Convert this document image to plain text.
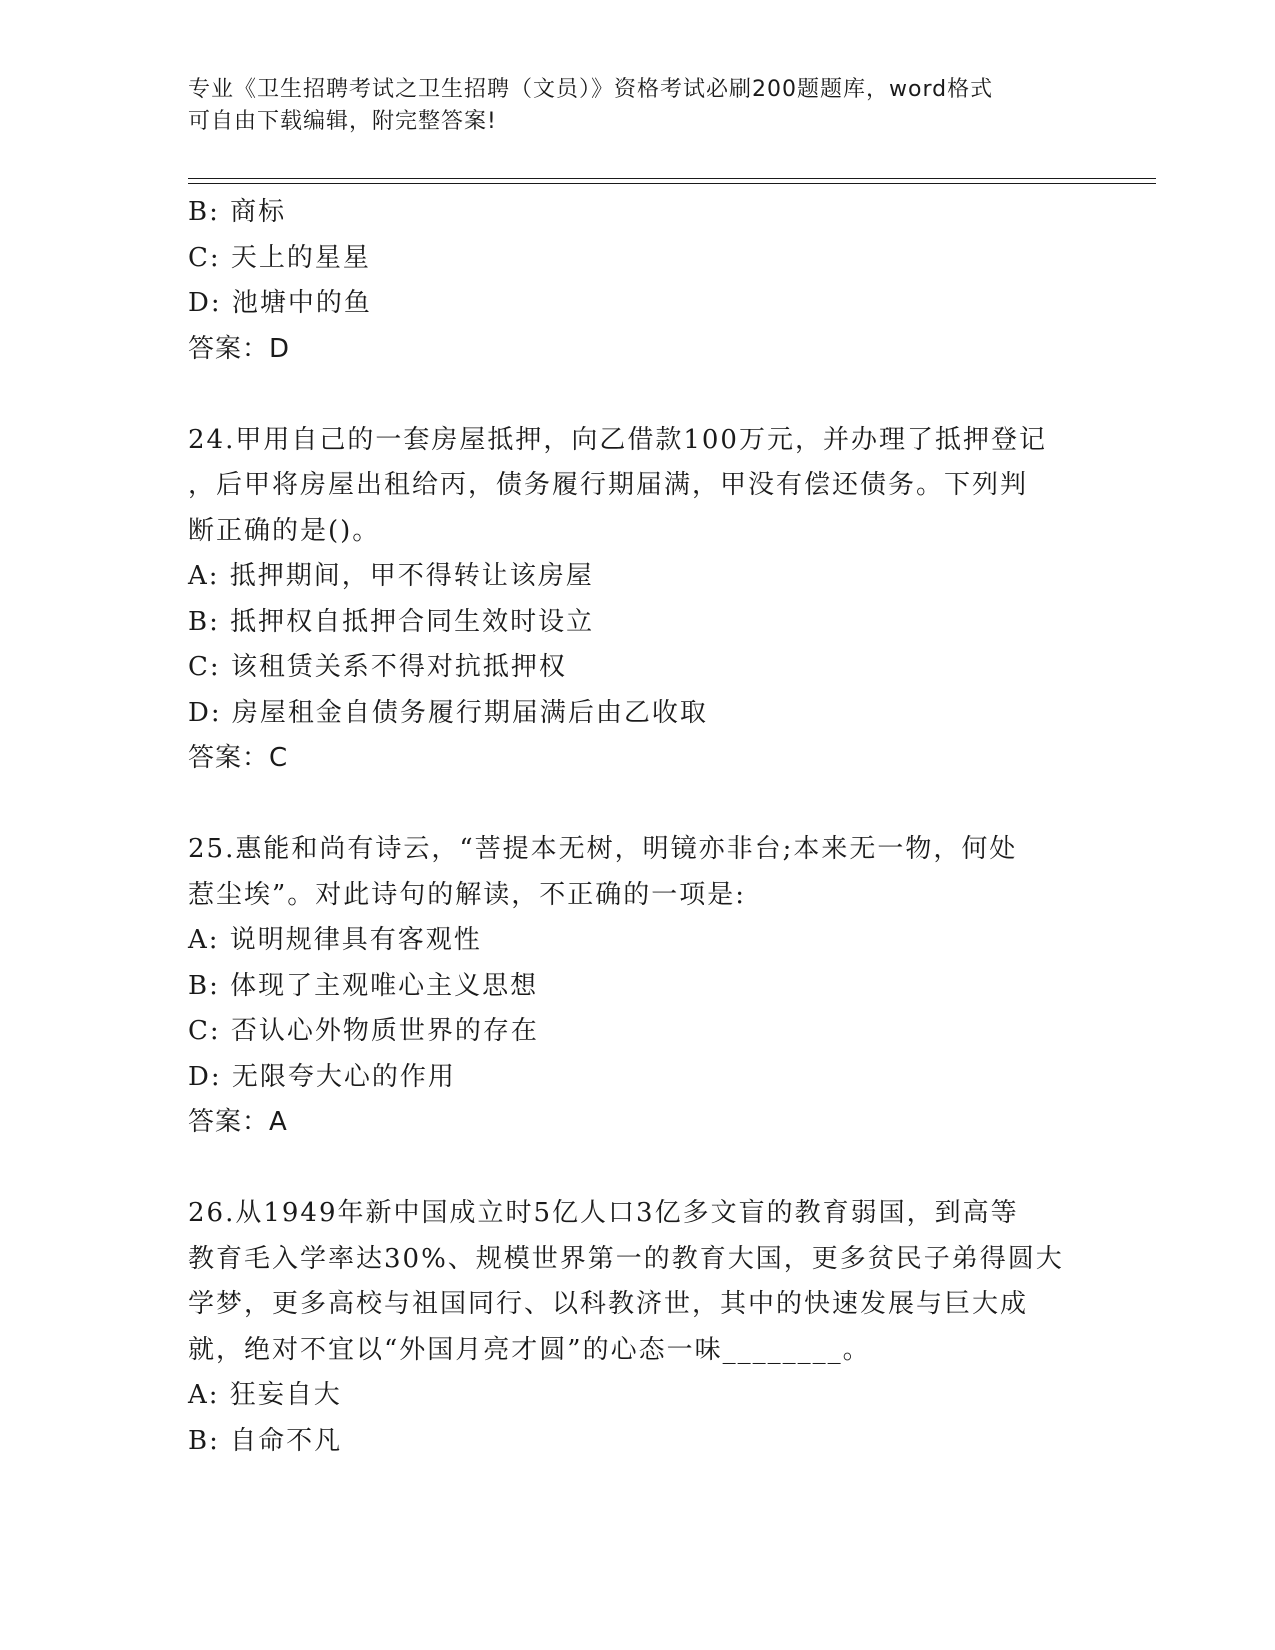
专业《卫生招聘考试之卫生招聘（文员）》资格考试必刷200题题库，word格式
可自由下载编辑，附完整答案!
B: 商标
C: 天上的星星
D: 池塘中的鱼
答案：D
24.甲用自己的一套房屋抵押，向乙借款100万元，并办理了抵押登记
，后甲将房屋出租给丙，债务履行期届满，甲没有偿还债务。下列判
断正确的是()。
A: 抵押期间，甲不得转让该房屋
B: 抵押权自抵押合同生效时设立
C: 该租赁关系不得对抗抵押权
D: 房屋租金自债务履行期届满后由乙收取
答案：C
25.惠能和尚有诗云，“菩提本无树，明镜亦非台;本来无一物，何处
惹尘埃”。对此诗句的解读，不正确的一项是:
A: 说明规律具有客观性
B: 体现了主观唯心主义思想
C: 否认心外物质世界的存在
D: 无限夸大心的作用
答案：A
26.从1949年新中国成立时5亿人口3亿多文盲的教育弱国，到高等
教育毛入学率达30%、规模世界第一的教育大国，更多贫民子弟得圆大
学梦，更多高校与祖国同行、以科教济世，其中的快速发展与巨大成
就，绝对不宜以“外国月亮才圆”的心态一味________。
A: 狂妄自大
B: 自命不凡
